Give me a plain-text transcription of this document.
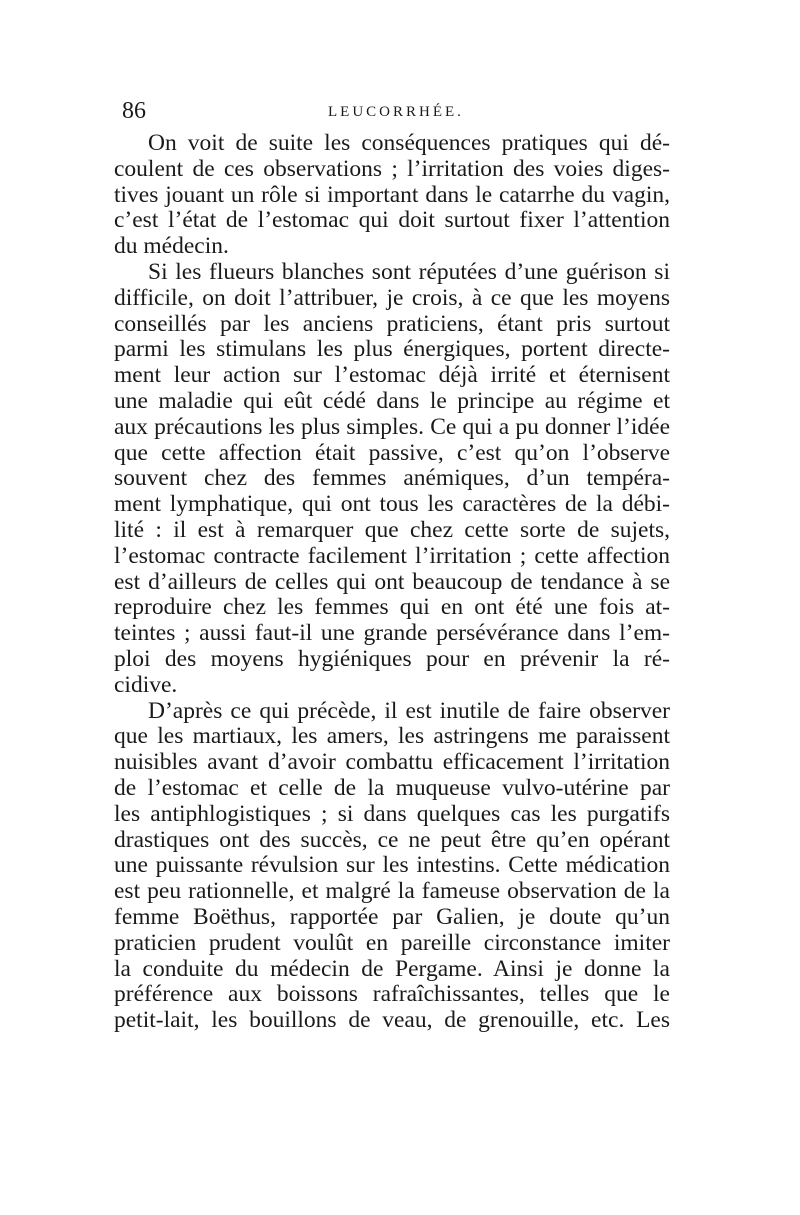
86	LEUCORRHÉE.
On voit de suite les conséquences pratiques qui dé-
coulent de ces observations ; l’irritation des voies diges-
tives jouant un rôle si important dans le catarrhe du vagin,
c’est l’état de l’estomac qui doit surtout fixer l’attention
du médecin.
Si les flueurs blanches sont réputées d’une guérison si
difficile, on doit l’attribuer, je crois, à ce que les moyens
conseillés par les anciens praticiens, étant pris surtout
parmi les stimulans les plus énergiques, portent directe-
ment leur action sur l’estomac déjà irrité et éternisent
une maladie qui eût cédé dans le principe au régime et
aux précautions les plus simples. Ce qui a pu donner l’idée
que cette affection était passive, c’est qu’on l’observe
souvent chez des femmes anémiques, d’un tempéra-
ment lymphatique, qui ont tous les caractères de la débi-
lité : il est à remarquer que chez cette sorte de sujets,
l’estomac contracte facilement l’irritation ; cette affection
est d’ailleurs de celles qui ont beaucoup de tendance à se
reproduire chez les femmes qui en ont été une fois at-
teintes ; aussi faut-il une grande persévérance dans l’em-
ploi des moyens hygiéniques pour en prévenir la ré-
cidive.
D’après ce qui précède, il est inutile de faire observer
que les martiaux, les amers, les astringens me paraissent
nuisibles avant d’avoir combattu efficacement l’irritation
de l’estomac et celle de la muqueuse vulvo-utérine par
les antiphlogistiques ; si dans quelques cas les purgatifs
drastiques ont des succès, ce ne peut être qu’en opérant
une puissante révulsion sur les intestins. Cette médication
est peu rationnelle, et malgré la fameuse observation de la
femme Boëthus, rapportée par Galien, je doute qu’un
praticien prudent voulût en pareille circonstance imiter
la conduite du médecin de Pergame. Ainsi je donne la
préférence aux boissons rafraîchissantes, telles que le
petit-lait, les bouillons de veau, de grenouille, etc. Les
